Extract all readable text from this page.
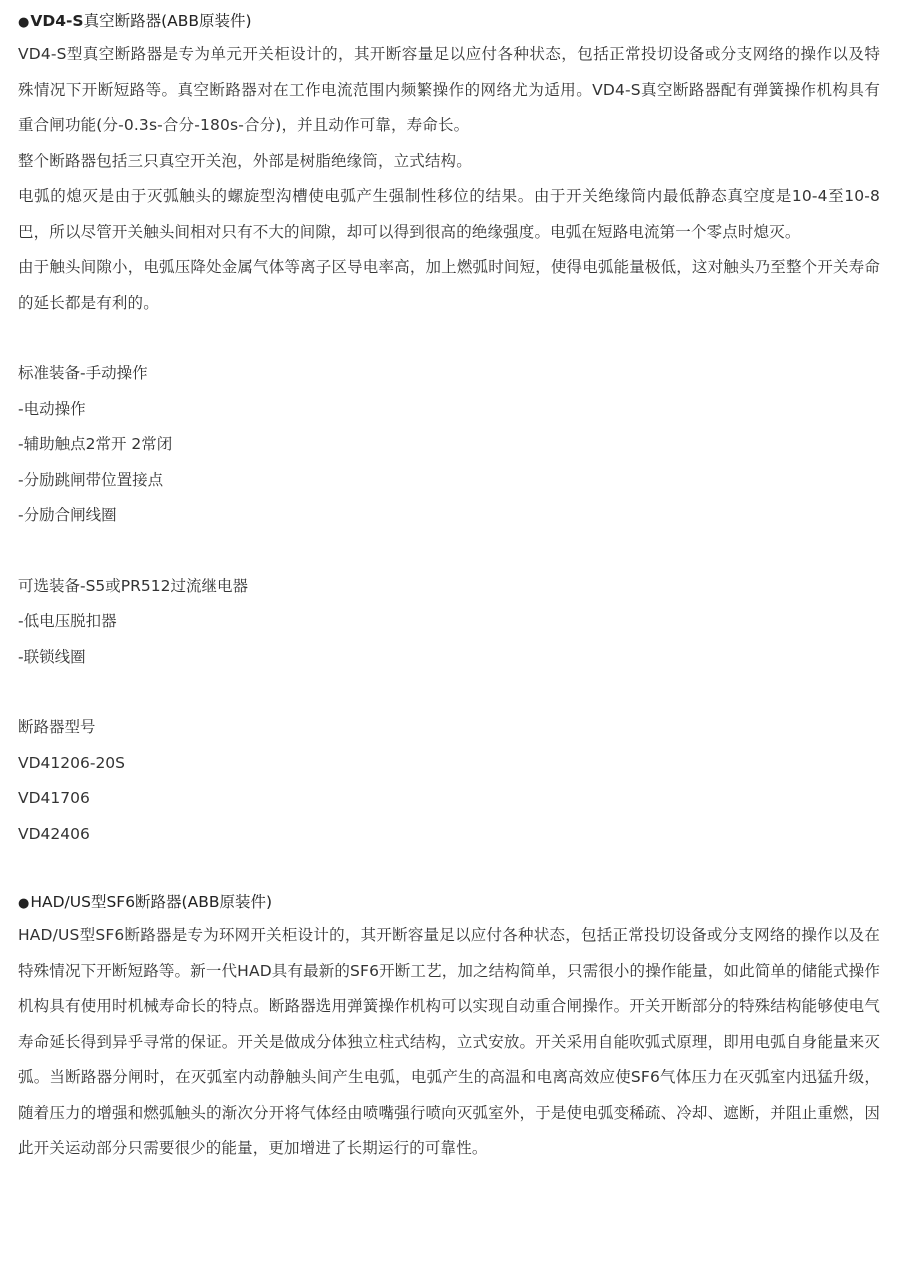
●VD4-S真空断路器(ABB原装件)

VD4-S型真空断路器是专为单元开关柜设计的，其开断容量足以应付各种状态，包括正常投切设备或分支网络的操作以及特殊情况下开断短路等。真空断路器对在工作电流范围内频繁操作的网络尤为适用。VD4-S真空断路器配有弹簧操作机构具有重合闸功能(分-0.3s-合分-180s-合分)，并且动作可靠，寿命长。

整个断路器包括三只真空开关泡，外部是树脂绝缘筒，立式结构。

电弧的熄灭是由于灭弧触头的螺旋型沟槽使电弧产生强制性移位的结果。由于开关绝缘筒内最低静态真空度是10-4至10-8巴，所以尽管开关触头间相对只有不大的间隙，却可以得到很高的绝缘强度。电弧在短路电流第一个零点时熄灭。

由于触头间隙小，电弧压降处金属气体等离子区导电率高，加上燃弧时间短，使得电弧能量极低，这对触头乃至整个开关寿命的延长都是有利的。

标准装备-手动操作
-电动操作
-辅助触点2常开 2常闭
-分励跳闸带位置接点
-分励合闸线圈
可选装备-S5或PR512过流继电器
-低电压脱扣器
-联锁线圈
断路器型号
VD41206-20S
VD41706
VD42406
●HAD/US型SF6断路器(ABB原装件)

HAD/US型SF6断路器是专为环网开关柜设计的，其开断容量足以应付各种状态，包括正常投切设备或分支网络的操作以及在特殊情况下开断短路等。新一代HAD具有最新的SF6开断工艺，加之结构简单，只需很小的操作能量，如此简单的储能式操作机构具有使用时机械寿命长的特点。断路器选用弹簧操作机构可以实现自动重合闸操作。开关开断部分的特殊结构能够使电气寿命延长得到异乎寻常的保证。开关是做成分体独立柱式结构，立式安放。开关采用自能吹弧式原理，即用电弧自身能量来灭弧。当断路器分闸时，在灭弧室内动静触头间产生电弧，电弧产生的高温和电离高效应使SF6气体压力在灭弧室内迅猛升级，随着压力的增强和燃弧触头的渐次分开将气体经由喷嘴强行喷向灭弧室外，于是使电弧变稀疏、冷却、遮断，并阻止重燃，因此开关运动部分只需要很少的能量，更加增进了长期运行的可靠性。
